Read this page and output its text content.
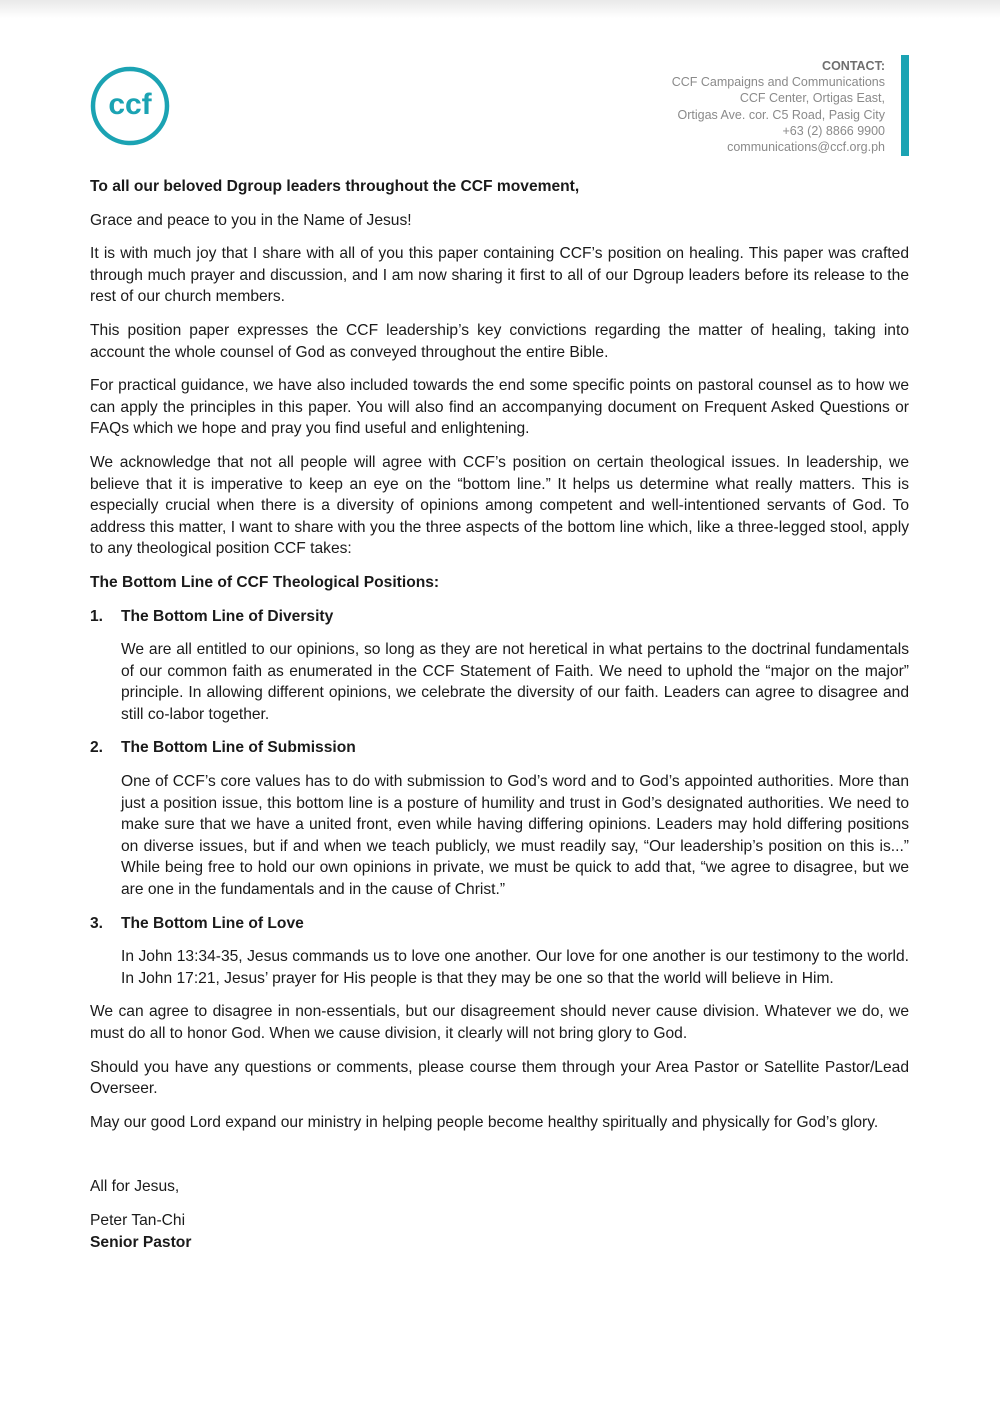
ccf
CONTACT:
CCF Campaigns and Communications
CCF Center, Ortigas East,
Ortigas Ave. cor. C5 Road, Pasig City
+63 (2) 8866 9900
communications@ccf.org.ph

To all our beloved Dgroup leaders throughout the CCF movement,

Grace and peace to you in the Name of Jesus!

It is with much joy that I share with all of you this paper containing CCF’s position on healing. This paper was crafted through much prayer and discussion, and I am now sharing it first to all of our Dgroup leaders before its release to the rest of our church members.

This position paper expresses the CCF leadership’s key convictions regarding the matter of healing, taking into account the whole counsel of God as conveyed throughout the entire Bible.

For practical guidance, we have also included towards the end some specific points on pastoral counsel as to how we can apply the principles in this paper. You will also find an accompanying document on Frequent Asked Questions or FAQs which we hope and pray you find useful and enlightening.

We acknowledge that not all people will agree with CCF’s position on certain theological issues. In leadership, we believe that it is imperative to keep an eye on the “bottom line.” It helps us determine what really matters. This is especially crucial when there is a diversity of opinions among competent and well-intentioned servants of God. To address this matter, I want to share with you the three aspects of the bottom line which, like a three-legged stool, apply to any theological position CCF takes:

The Bottom Line of CCF Theological Positions:

1.	The Bottom Line of Diversity
We are all entitled to our opinions, so long as they are not heretical in what pertains to the doctrinal fundamentals of our common faith as enumerated in the CCF Statement of Faith. We need to uphold the “major on the major” principle. In allowing different opinions, we celebrate the diversity of our faith. Leaders can agree to disagree and still co-labor together.
2.	The Bottom Line of Submission
One of CCF’s core values has to do with submission to God’s word and to God’s appointed authorities. More than just a position issue, this bottom line is a posture of humility and trust in God’s designated authorities. We need to make sure that we have a united front, even while having differing opinions. Leaders may hold differing positions on diverse issues, but if and when we teach publicly, we must readily say, “Our leadership’s position on this is...” While being free to hold our own opinions in private, we must be quick to add that, “we agree to disagree, but we are one in the fundamentals and in the cause of Christ.”
3.	The Bottom Line of Love
In John 13:34-35, Jesus commands us to love one another. Our love for one another is our testimony to the world. In John 17:21, Jesus’ prayer for His people is that they may be one so that the world will believe in Him.

We can agree to disagree in non-essentials, but our disagreement should never cause division. Whatever we do, we must do all to honor God. When we cause division, it clearly will not bring glory to God.

Should you have any questions or comments, please course them through your Area Pastor or Satellite Pastor/Lead Overseer.

May our good Lord expand our ministry in helping people become healthy spiritually and physically for God’s glory.

All for Jesus,

Peter Tan-Chi

Senior Pastor
